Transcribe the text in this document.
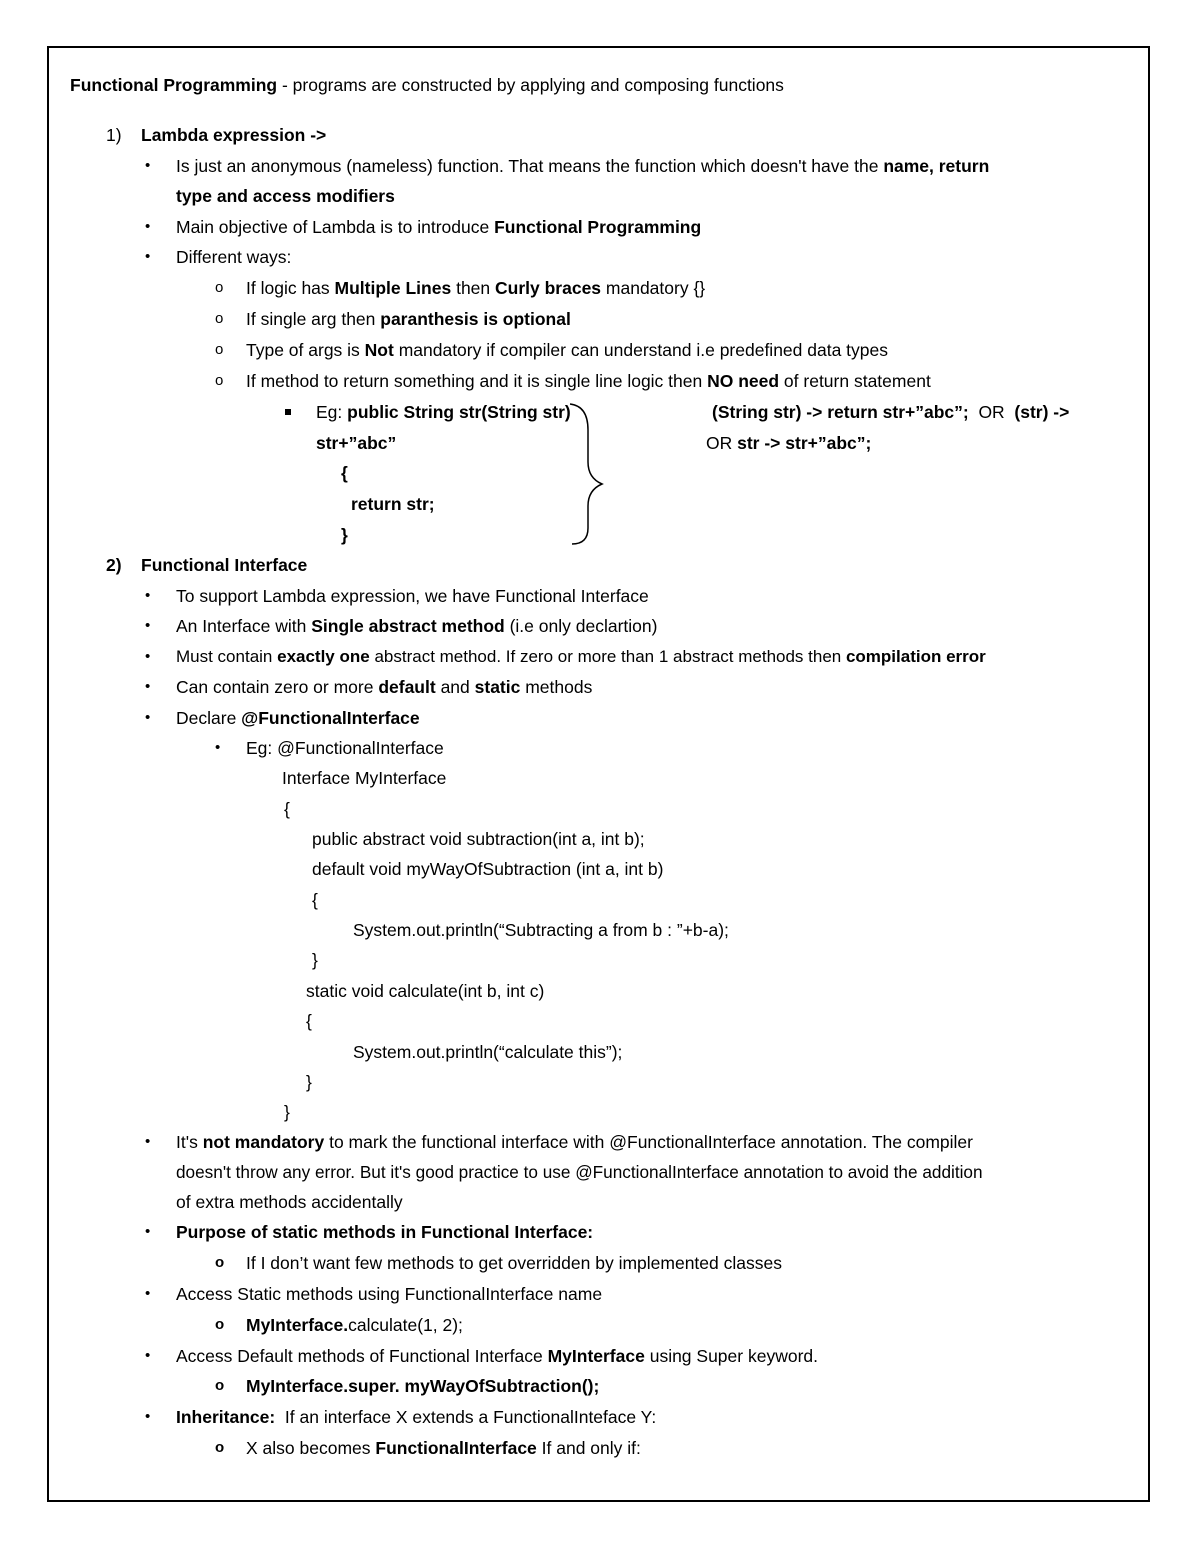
Functional Programming - programs are constructed by applying and composing functions
1) Lambda expression ->
• Is just an anonymous (nameless) function. That means the function which doesn't have the name, return
type and access modifiers
• Main objective of Lambda is to introduce Functional Programming
• Different ways:
o If logic has Multiple Lines then Curly braces mandatory {}
o If single arg then paranthesis is optional
o Type of args is Not mandatory if compiler can understand i.e predefined data types
o If method to return something and it is single line logic then NO need of return statement
Eg: public String str(String str)
str+”abc”
{
return str;
}
(String str) -> return str+”abc”;  OR  (str) ->
OR str -> str+”abc”;
2) Functional Interface
• To support Lambda expression, we have Functional Interface
• An Interface with Single abstract method (i.e only declartion)
• Must contain exactly one abstract method. If zero or more than 1 abstract methods then compilation error
• Can contain zero or more default and static methods
• Declare @FunctionalInterface
• Eg: @FunctionalInterface
Interface MyInterface
{
public abstract void subtraction(int a, int b);
default void myWayOfSubtraction (int a, int b)
{
System.out.println(“Subtracting a from b : ”+b-a);
}
static void calculate(int b, int c)
{
System.out.println(“calculate this”);
}
}
• It's not mandatory to mark the functional interface with @FunctionalInterface annotation. The compiler
doesn't throw any error. But it's good practice to use @FunctionalInterface annotation to avoid the addition
of extra methods accidentally
• Purpose of static methods in Functional Interface:
o If I don’t want few methods to get overridden by implemented classes
• Access Static methods using FunctionalInterface name
o MyInterface.calculate(1, 2);
• Access Default methods of Functional Interface MyInterface using Super keyword.
o MyInterface.super. myWayOfSubtraction();
• Inheritance:  If an interface X extends a FunctionalInteface Y:
o X also becomes FunctionalInterface If and only if:
